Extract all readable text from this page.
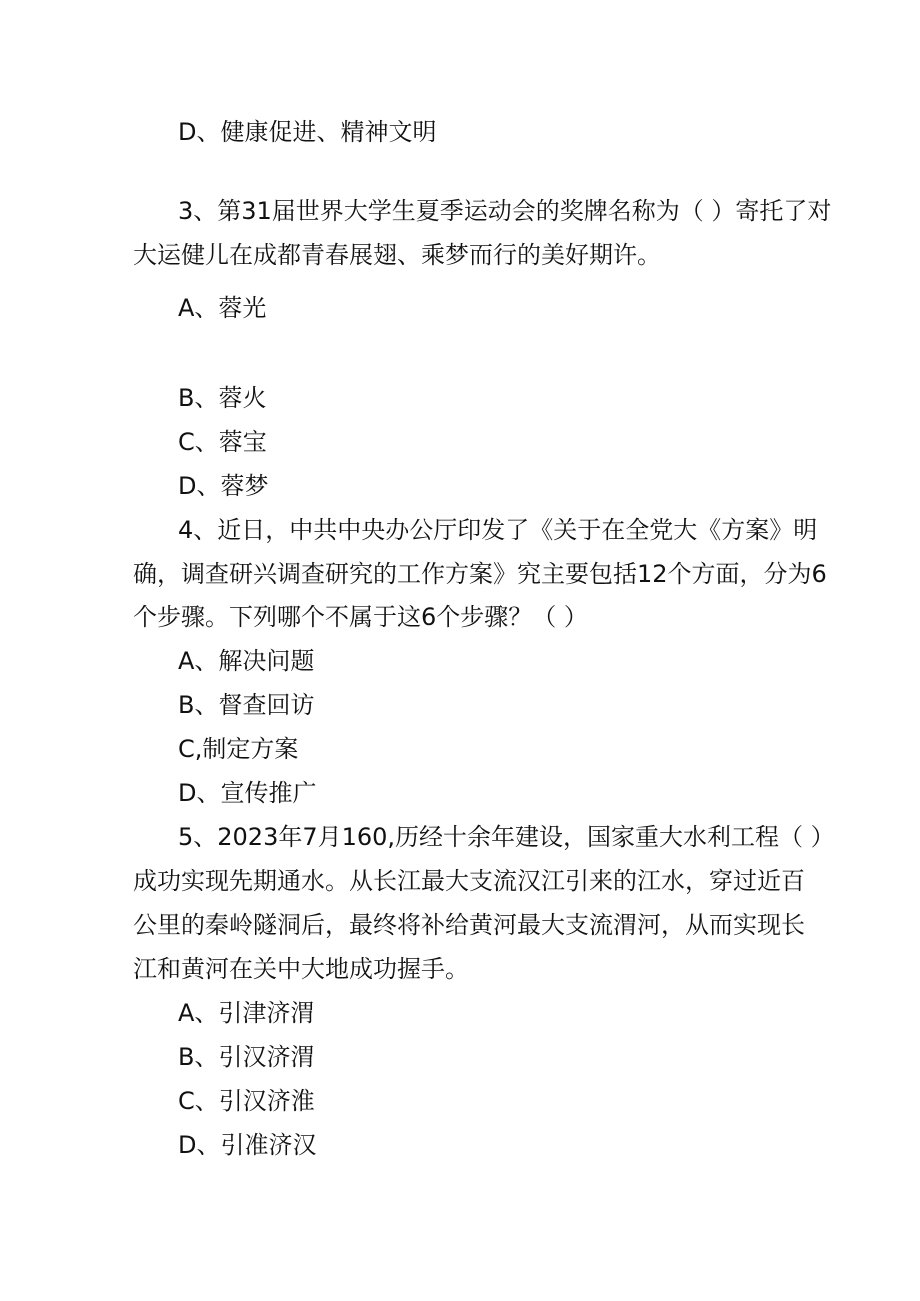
D、健康促进、精神文明
3、第31届世界大学生夏季运动会的奖牌名称为（ ）寄托了对
大运健儿在成都青春展翅、乘梦而行的美好期许。
A、蓉光
B、蓉火
C、蓉宝
D、蓉梦
4、近日，中共中央办公厅印发了《关于在全党大《方案》明
确，调查研兴调查研究的工作方案》究主要包括12个方面，分为6
个步骤。下列哪个不属于这6个步骤？（ ）
A、解决问题
B、督查回访
C,制定方案
D、宣传推广
5、2023年7月160,历经十余年建设，国家重大水利工程（ ）
成功实现先期通水。从长江最大支流汉江引来的江水，穿过近百
公里的秦岭隧洞后，最终将补给黄河最大支流渭河，从而实现长
江和黄河在关中大地成功握手。
A、引津济渭
B、引汉济渭
C、引汉济淮
D、引准济汉
